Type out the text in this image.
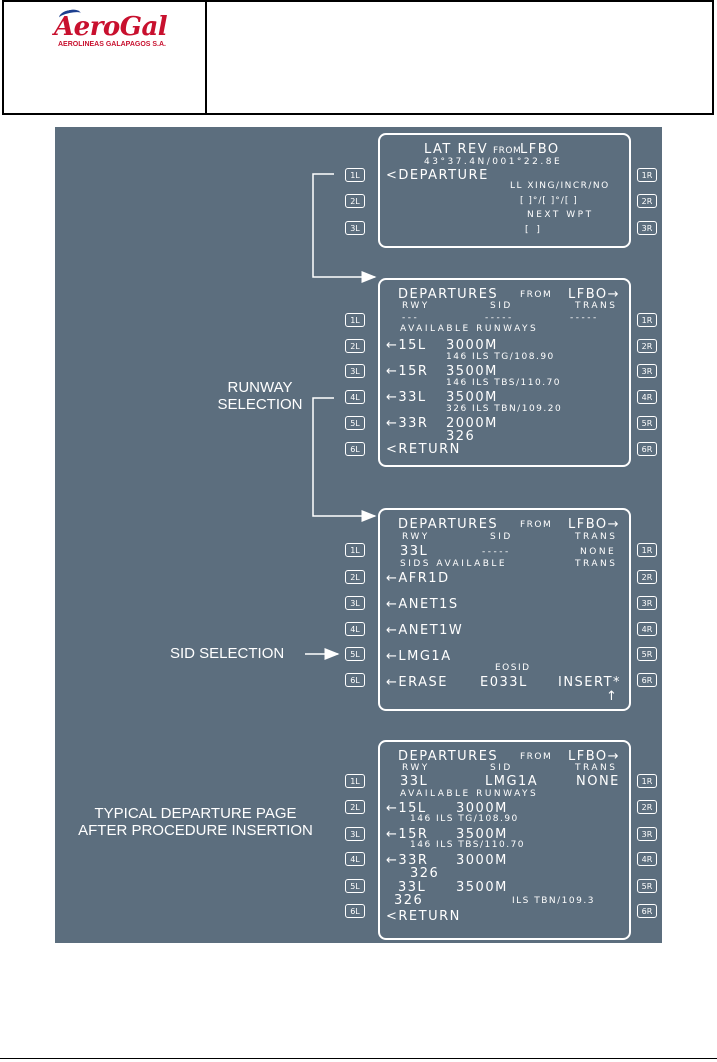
AeroGal
AEROLINEAS GALAPAGOS S.A.
RUNWAY
SELECTION
SID SELECTION
TYPICAL DEPARTURE PAGE
AFTER PROCEDURE INSERTION
1L
2L
3L
1R
2R
3R
LAT REV FROM
LFBO
43°37.4N/001°22.8E
<DEPARTURE
LL XING/INCR/NO
[ ]°/[ ]°/[ ]
NEXT WPT
[ ]
1L
2L
3L
4L
5L
6L
1R
2R
3R
4R
5R
6R
DEPARTURES FROM LFBO→
RWY	SID	TRANS
---	-----	-----
AVAILABLE RUNWAYS
←15L 3000M
146 ILS TG/108.90
←15R 3500M
146 ILS TBS/110.70
←33L 3500M
326 ILS TBN/109.20
←33R 2000M
326
<RETURN
1L
2L
3L
4L
5L
6L
1R
2R
3R
4R
5R
6R
DEPARTURES FROM LFBO→
RWY	SID	TRANS
33L	-----	NONE
SIDS AVAILABLE	TRANS
←AFR1D
←ANET1S
←ANET1W
←LMG1A
EOSID
←ERASE E033L INSERT*
↑
1L
2L
3L
4L
5L
6L
1R
2R
3R
4R
5R
6R
DEPARTURES FROM LFBO→
RWY	SID	TRANS
33L	LMG1A	NONE
AVAILABLE RUNWAYS
←15L 3000M
146 ILS TG/108.90
←15R 3500M
146 ILS TBS/110.70
←33R 3000M
326
33L 3500M
326	ILS TBN/109.3
<RETURN
